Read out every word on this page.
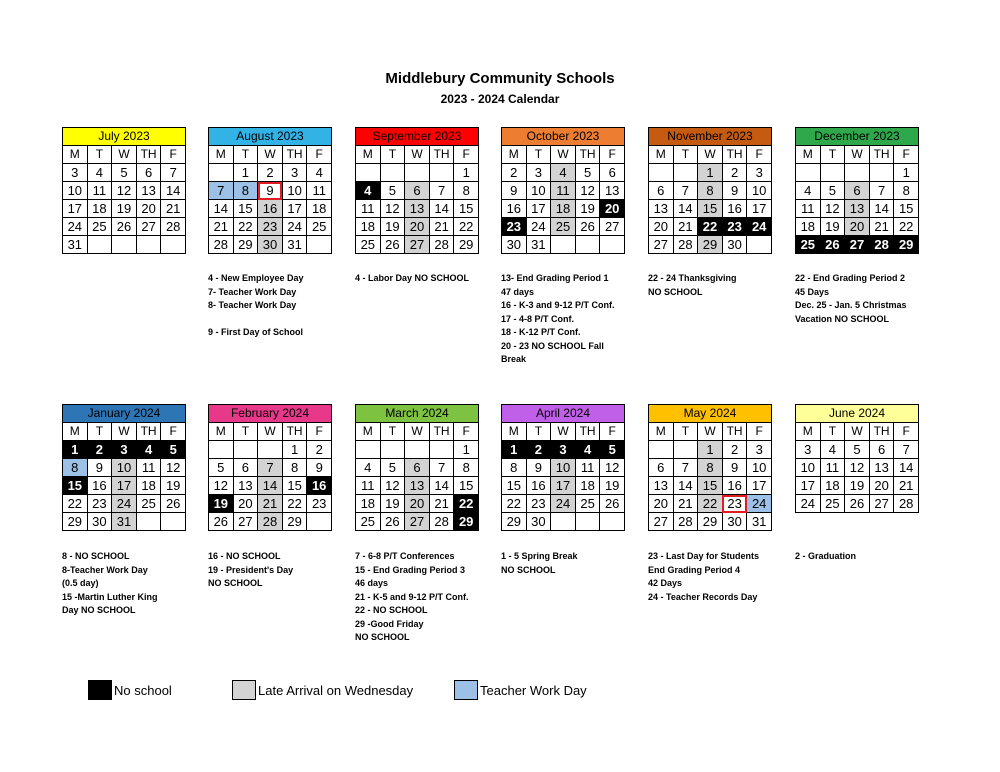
Middlebury Community Schools
2023 - 2024 Calendar
July 2023
M	T	W	TH	F
3	4	5	6	7
10	11	12	13	14
17	18	19	20	21
24	25	26	27	28
31				
August 2023
M	T	W	TH	F
	1	2	3	4
7	8	9	10	11
14	15	16	17	18
21	22	23	24	25
28	29	30	31	
4 - New Employee Day
7- Teacher Work Day
8- Teacher Work Day
9 - First Day of School
September 2023
M	T	W	TH	F
				1
4	5	6	7	8
11	12	13	14	15
18	19	20	21	22
25	26	27	28	29
4 - Labor Day NO SCHOOL
October 2023
M	T	W	TH	F
2	3	4	5	6
9	10	11	12	13
16	17	18	19	20
23	24	25	26	27
30	31			
13- End Grading Period 1
47 days
16 - K-3 and 9-12 P/T Conf.
17 - 4-8 P/T Conf.
18 - K-12 P/T Conf.
20 - 23 NO SCHOOL Fall
Break
November 2023
M	T	W	TH	F
		1	2	3
6	7	8	9	10
13	14	15	16	17
20	21	22	23	24
27	28	29	30	
22 - 24 Thanksgiving
NO SCHOOL
December 2023
M	T	W	TH	F
				1
4	5	6	7	8
11	12	13	14	15
18	19	20	21	22
25	26	27	28	29
22 - End Grading Period 2
45 Days
Dec. 25 - Jan. 5 Christmas
Vacation NO SCHOOL
January 2024
M	T	W	TH	F
1	2	3	4	5
8	9	10	11	12
15	16	17	18	19
22	23	24	25	26
29	30	31		
8 - NO SCHOOL
8-Teacher Work Day
(0.5 day)
15 -Martin Luther King
Day NO SCHOOL
February 2024
M	T	W	TH	F
			1	2
5	6	7	8	9
12	13	14	15	16
19	20	21	22	23
26	27	28	29	
16 - NO SCHOOL
19 - President's Day
NO SCHOOL
March 2024
M	T	W	TH	F
				1
4	5	6	7	8
11	12	13	14	15
18	19	20	21	22
25	26	27	28	29
7 - 6-8 P/T Conferences
15 - End Grading Period 3
46 days
21 - K-5 and 9-12 P/T Conf.
22 - NO SCHOOL
29 -Good Friday
NO SCHOOL
April 2024
M	T	W	TH	F
1	2	3	4	5
8	9	10	11	12
15	16	17	18	19
22	23	24	25	26
29	30			
1 - 5 Spring Break
NO SCHOOL
May 2024
M	T	W	TH	F
		1	2	3
6	7	8	9	10
13	14	15	16	17
20	21	22	23	24
27	28	29	30	31
23 - Last Day for Students
End Grading Period 4
42 Days
24 - Teacher Records Day
June 2024
M	T	W	TH	F
3	4	5	6	7
10	11	12	13	14
17	18	19	20	21
24	25	26	27	28
2 - Graduation
No school	Late Arrival on Wednesday	Teacher Work Day
